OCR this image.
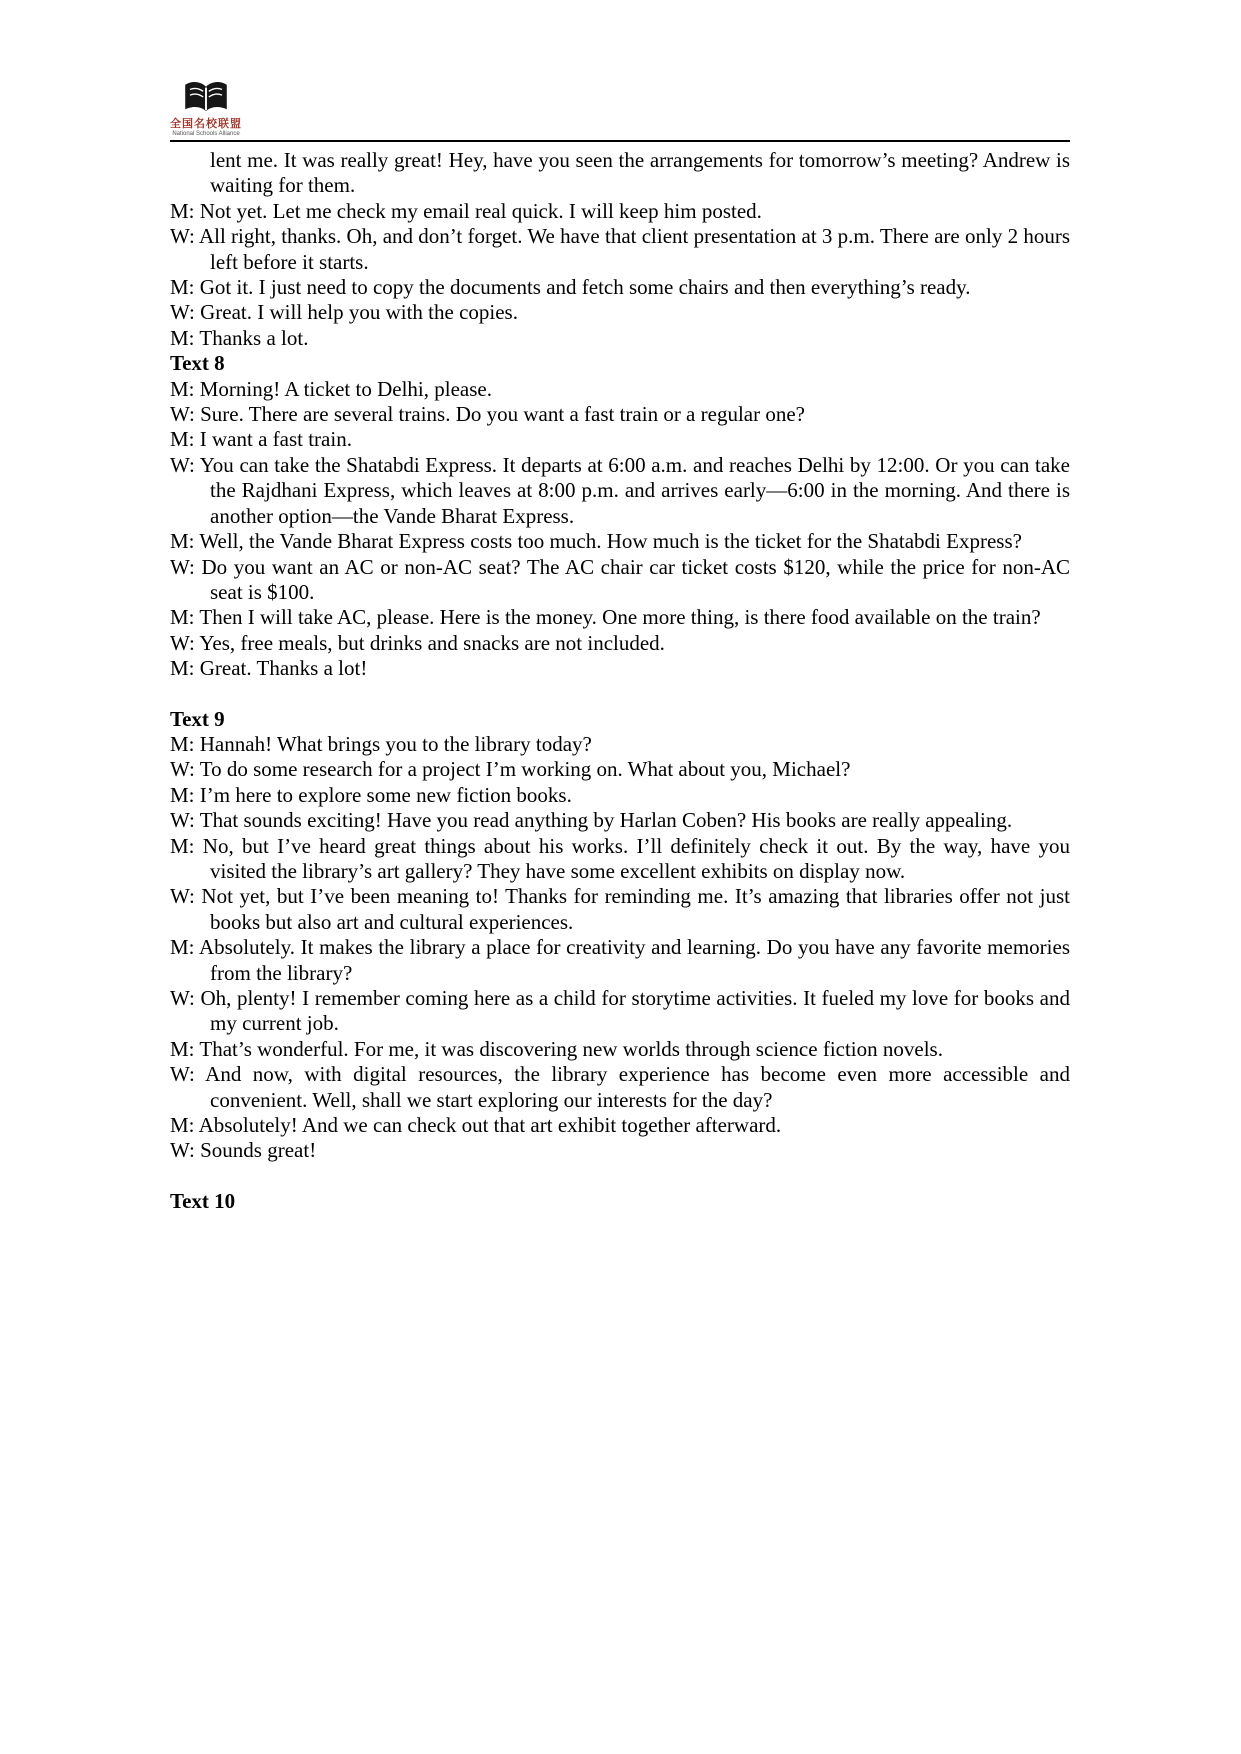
全国名校联盟
National Schools Alliance

lent me. It was really great! Hey, have you seen the arrangements for tomorrow’s meeting? Andrew is waiting for them.

M: Not yet. Let me check my email real quick. I will keep him posted.

W: All right, thanks. Oh, and don’t forget. We have that client presentation at 3 p.m. There are only 2 hours left before it starts.

M: Got it. I just need to copy the documents and fetch some chairs and then everything’s ready.

W: Great. I will help you with the copies.

M: Thanks a lot.

Text 8

M: Morning! A ticket to Delhi, please.

W: Sure. There are several trains. Do you want a fast train or a regular one?

M: I want a fast train.

W: You can take the Shatabdi Express. It departs at 6:00 a.m. and reaches Delhi by 12:00. Or you can take the Rajdhani Express, which leaves at 8:00 p.m. and arrives early—6:00 in the morning. And there is another option—the Vande Bharat Express.

M: Well, the Vande Bharat Express costs too much. How much is the ticket for the Shatabdi Express?

W: Do you want an AC or non-AC seat? The AC chair car ticket costs $120, while the price for non-AC seat is $100.

M: Then I will take AC, please. Here is the money. One more thing, is there food available on the train?

W: Yes, free meals, but drinks and snacks are not included.

M: Great. Thanks a lot!

Text 9

M: Hannah! What brings you to the library today?

W: To do some research for a project I’m working on. What about you, Michael?

M: I’m here to explore some new fiction books.

W: That sounds exciting! Have you read anything by Harlan Coben? His books are really appealing.

M: No, but I’ve heard great things about his works. I’ll definitely check it out. By the way, have you visited the library’s art gallery? They have some excellent exhibits on display now.

W: Not yet, but I’ve been meaning to! Thanks for reminding me. It’s amazing that libraries offer not just books but also art and cultural experiences.

M: Absolutely. It makes the library a place for creativity and learning. Do you have any favorite memories from the library?

W: Oh, plenty! I remember coming here as a child for storytime activities. It fueled my love for books and my current job.

M: That’s wonderful. For me, it was discovering new worlds through science fiction novels.

W: And now, with digital resources, the library experience has become even more accessible and convenient. Well, shall we start exploring our interests for the day?

M: Absolutely! And we can check out that art exhibit together afterward.

W: Sounds great!

Text 10
